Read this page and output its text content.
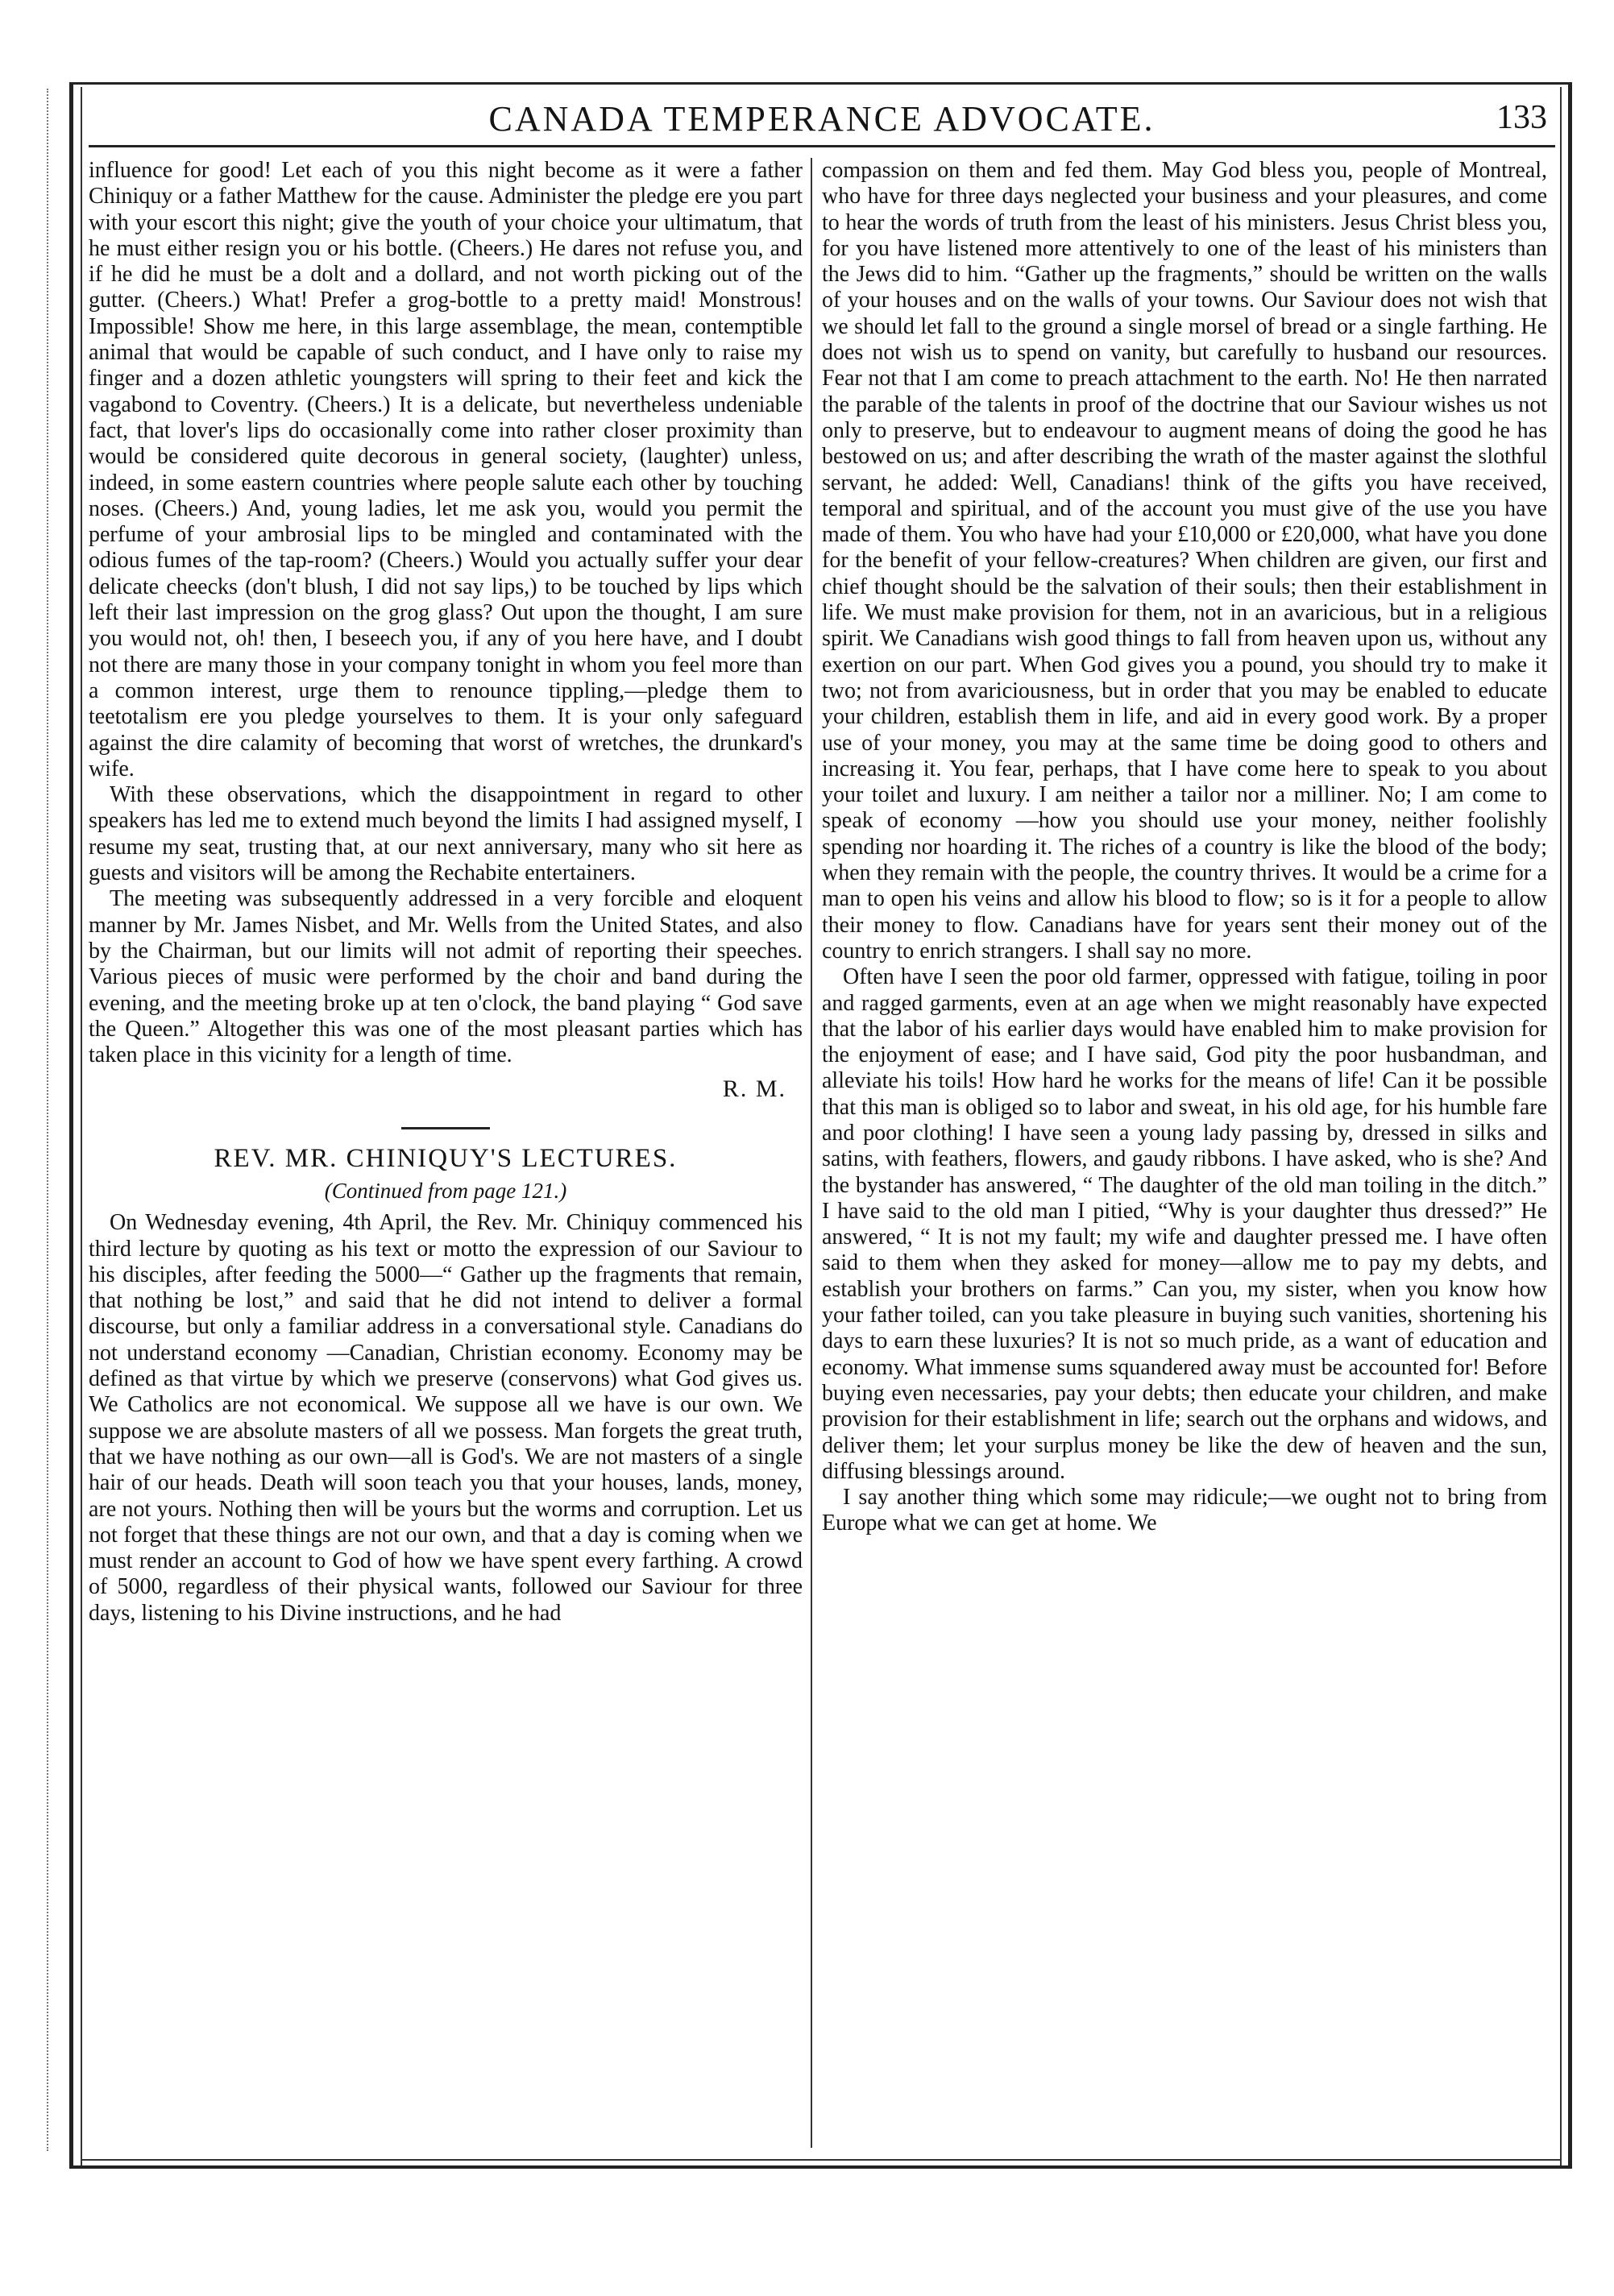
CANADA TEMPERANCE ADVOCATE.	133

influence for good! Let each of you this night become as it were a father Chiniquy or a father Matthew for the cause. Administer the pledge ere you part with your escort this night; give the youth of your choice your ultimatum, that he must either resign you or his bottle. (Cheers.) He dares not refuse you, and if he did he must be a dolt and a dollard, and not worth picking out of the gutter. (Cheers.) What! Prefer a grog-bottle to a pretty maid! Monstrous! Impossible! Show me here, in this large assemblage, the mean, contemptible animal that would be capable of such conduct, and I have only to raise my finger and a dozen athletic youngsters will spring to their feet and kick the vagabond to Coventry. (Cheers.) It is a delicate, but nevertheless undeniable fact, that lover's lips do occasionally come into rather closer proximity than would be considered quite decorous in general society, (laughter) unless, indeed, in some eastern countries where people salute each other by touching noses. (Cheers.) And, young ladies, let me ask you, would you permit the perfume of your ambrosial lips to be mingled and contaminated with the odious fumes of the tap-room? (Cheers.) Would you actually suffer your dear delicate cheecks (don't blush, I did not say lips,) to be touched by lips which left their last impression on the grog glass? Out upon the thought, I am sure you would not, oh! then, I beseech you, if any of you here have, and I doubt not there are many those in your company tonight in whom you feel more than a common interest, urge them to renounce tippling,—pledge them to teetotalism ere you pledge yourselves to them. It is your only safeguard against the dire calamity of becoming that worst of wretches, the drunkard's wife.

With these observations, which the disappointment in regard to other speakers has led me to extend much beyond the limits I had assigned myself, I resume my seat, trusting that, at our next anniversary, many who sit here as guests and visitors will be among the Rechabite entertainers.

The meeting was subsequently addressed in a very forcible and eloquent manner by Mr. James Nisbet, and Mr. Wells from the United States, and also by the Chairman, but our limits will not admit of reporting their speeches. Various pieces of music were performed by the choir and band during the evening, and the meeting broke up at ten o'clock, the band playing “ God save the Queen.” Altogether this was one of the most pleasant parties which has taken place in this vicinity for a length of time.

R. M.
REV. MR. CHINIQUY'S LECTURES.
(Continued from page 121.)

On Wednesday evening, 4th April, the Rev. Mr. Chiniquy commenced his third lecture by quoting as his text or motto the expression of our Saviour to his disciples, after feeding the 5000—“ Gather up the fragments that remain, that nothing be lost,” and said that he did not intend to deliver a formal discourse, but only a familiar address in a conversational style. Canadians do not understand economy —Canadian, Christian economy. Economy may be defined as that virtue by which we preserve (conservons) what God gives us. We Catholics are not economical. We suppose all we have is our own. We suppose we are absolute masters of all we possess. Man forgets the great truth, that we have nothing as our own—all is God's. We are not masters of a single hair of our heads. Death will soon teach you that your houses, lands, money, are not yours. Nothing then will be yours but the worms and corruption. Let us not forget that these things are not our own, and that a day is coming when we must render an account to God of how we have spent every farthing. A crowd of 5000, regardless of their physical wants, followed our Saviour for three days, listening to his Divine instructions, and he had

compassion on them and fed them. May God bless you, people of Montreal, who have for three days neglected your business and your pleasures, and come to hear the words of truth from the least of his ministers. Jesus Christ bless you, for you have listened more attentively to one of the least of his ministers than the Jews did to him. “Gather up the fragments,” should be written on the walls of your houses and on the walls of your towns. Our Saviour does not wish that we should let fall to the ground a single morsel of bread or a single farthing. He does not wish us to spend on vanity, but carefully to husband our resources. Fear not that I am come to preach attachment to the earth. No! He then narrated the parable of the talents in proof of the doctrine that our Saviour wishes us not only to preserve, but to endeavour to augment means of doing the good he has bestowed on us; and after describing the wrath of the master against the slothful servant, he added: Well, Canadians! think of the gifts you have received, temporal and spiritual, and of the account you must give of the use you have made of them. You who have had your £10,000 or £20,000, what have you done for the benefit of your fellow-creatures? When children are given, our first and chief thought should be the salvation of their souls; then their establishment in life. We must make provision for them, not in an avaricious, but in a religious spirit. We Canadians wish good things to fall from heaven upon us, without any exertion on our part. When God gives you a pound, you should try to make it two; not from avariciousness, but in order that you may be enabled to educate your children, establish them in life, and aid in every good work. By a proper use of your money, you may at the same time be doing good to others and increasing it. You fear, perhaps, that I have come here to speak to you about your toilet and luxury. I am neither a tailor nor a milliner. No; I am come to speak of economy —how you should use your money, neither foolishly spending nor hoarding it. The riches of a country is like the blood of the body; when they remain with the people, the country thrives. It would be a crime for a man to open his veins and allow his blood to flow; so is it for a people to allow their money to flow. Canadians have for years sent their money out of the country to enrich strangers. I shall say no more.

Often have I seen the poor old farmer, oppressed with fatigue, toiling in poor and ragged garments, even at an age when we might reasonably have expected that the labor of his earlier days would have enabled him to make provision for the enjoyment of ease; and I have said, God pity the poor husbandman, and alleviate his toils! How hard he works for the means of life! Can it be possible that this man is obliged so to labor and sweat, in his old age, for his humble fare and poor clothing! I have seen a young lady passing by, dressed in silks and satins, with feathers, flowers, and gaudy ribbons. I have asked, who is she? And the bystander has answered, “ The daughter of the old man toiling in the ditch.” I have said to the old man I pitied, “Why is your daughter thus dressed?” He answered, “ It is not my fault; my wife and daughter pressed me. I have often said to them when they asked for money—allow me to pay my debts, and establish your brothers on farms.” Can you, my sister, when you know how your father toiled, can you take pleasure in buying such vanities, shortening his days to earn these luxuries? It is not so much pride, as a want of education and economy. What immense sums squandered away must be accounted for! Before buying even necessaries, pay your debts; then educate your children, and make provision for their establishment in life; search out the orphans and widows, and deliver them; let your surplus money be like the dew of heaven and the sun, diffusing blessings around.

I say another thing which some may ridicule;—we ought not to bring from Europe what we can get at home. We
